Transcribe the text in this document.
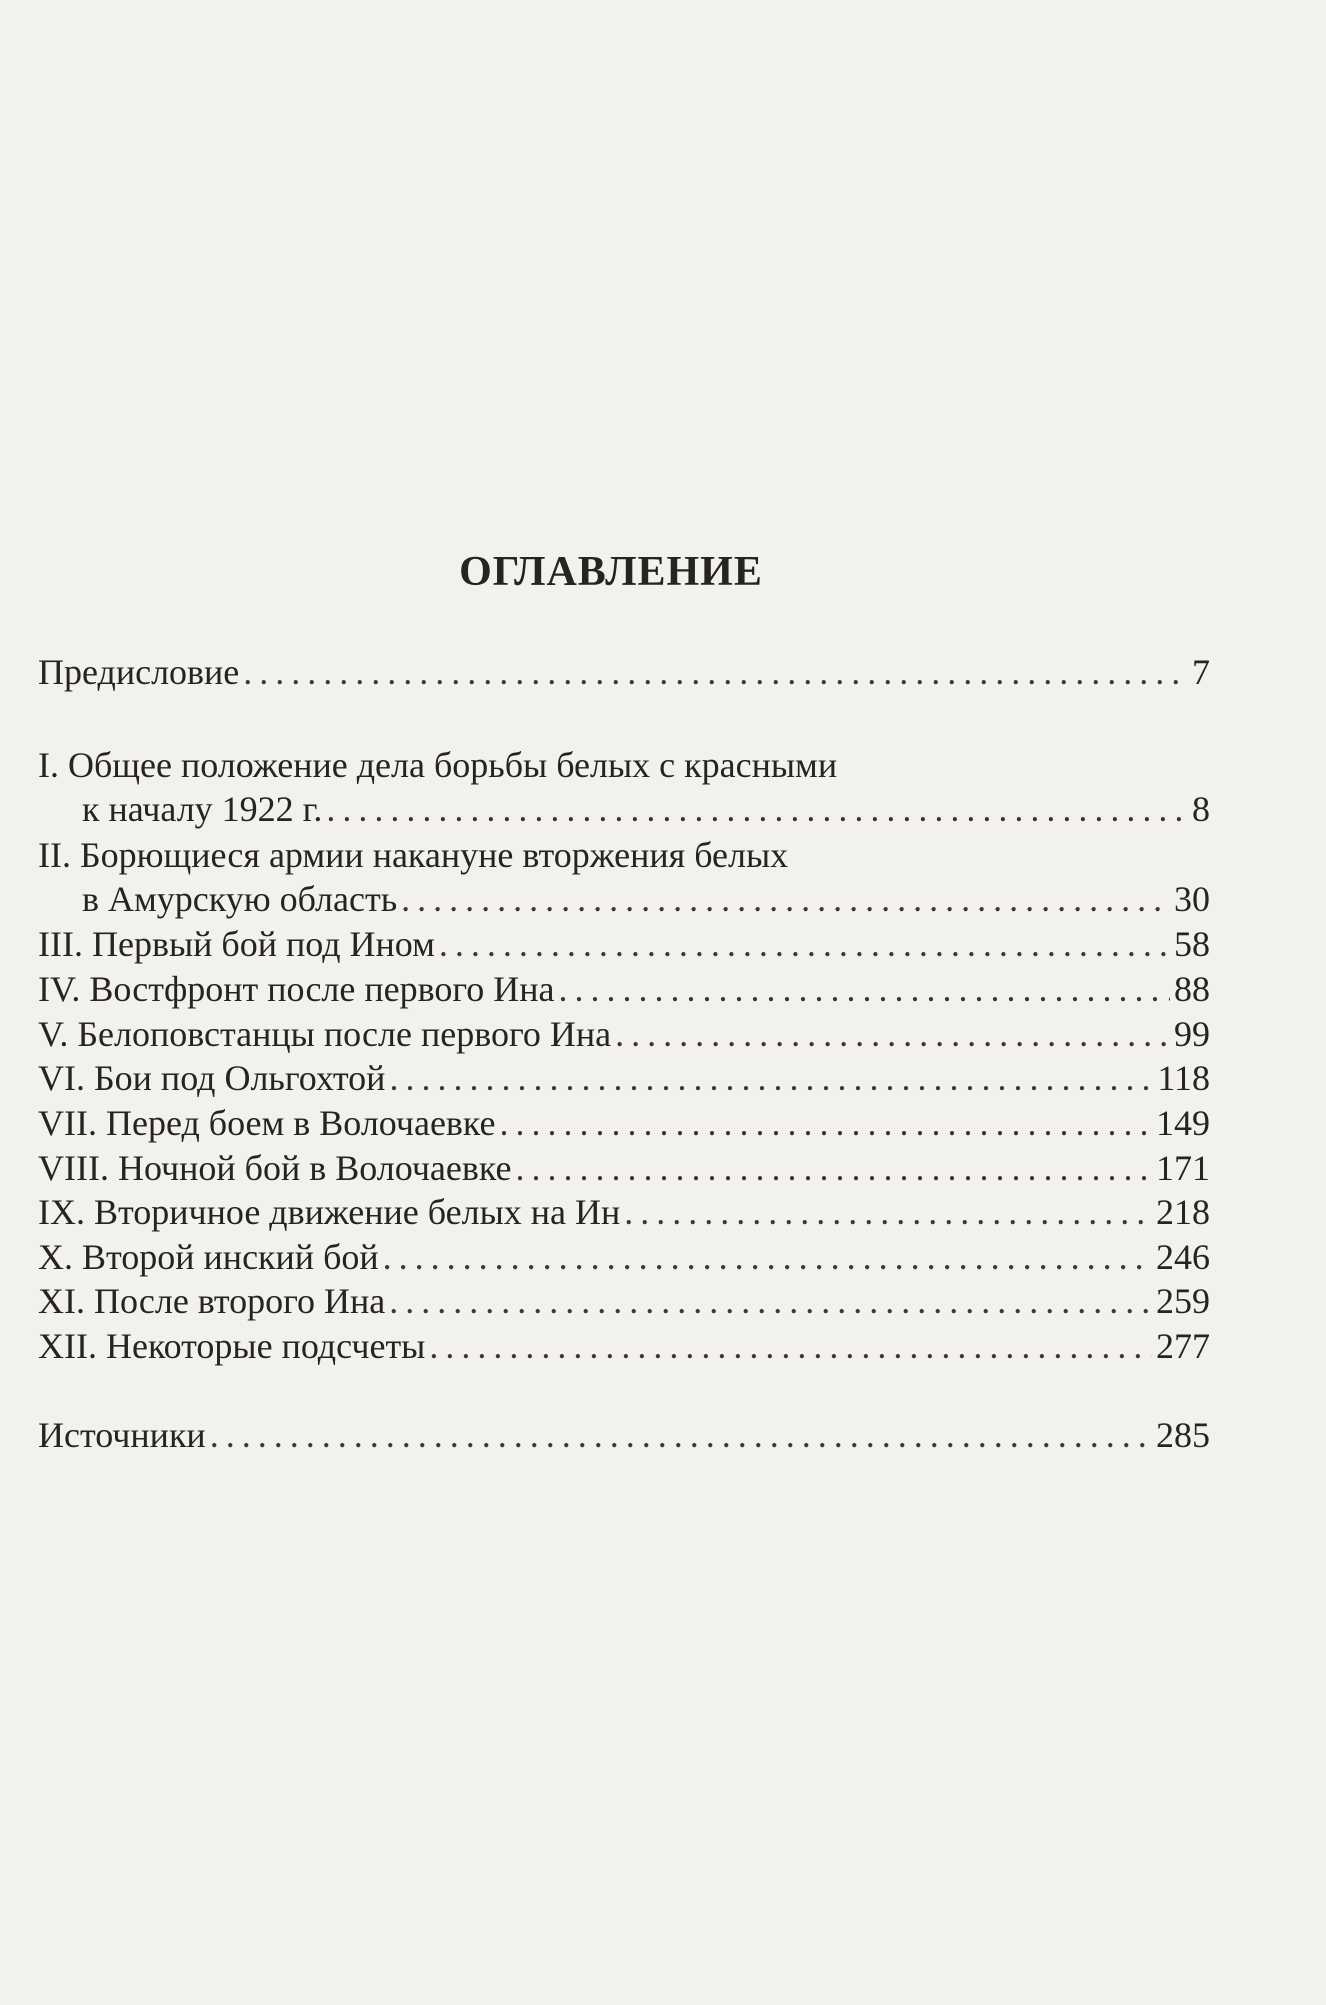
ОГЛАВЛЕНИЕ
Предисловие . . .	7
I. Общее положение дела борьбы белых с красными
к началу 1922 г. . . .	8
II. Борющиеся армии накануне вторжения белых
в Амурскую область . . .	30
III. Первый бой под Ином . . .	58
IV. Востфронт после первого Ина . . .	88
V. Белоповстанцы после первого Ина . . .	99
VI. Бои под Ольгохтой . . .	118
VII. Перед боем в Волочаевке . . .	149
VIII. Ночной бой в Волочаевке . . .	171
IX. Вторичное движение белых на Ин . . .	218
X. Второй инский бой . . .	246
XI. После второго Ина . . .	259
XII. Некоторые подсчеты . . .	277
Источники . . .	285
